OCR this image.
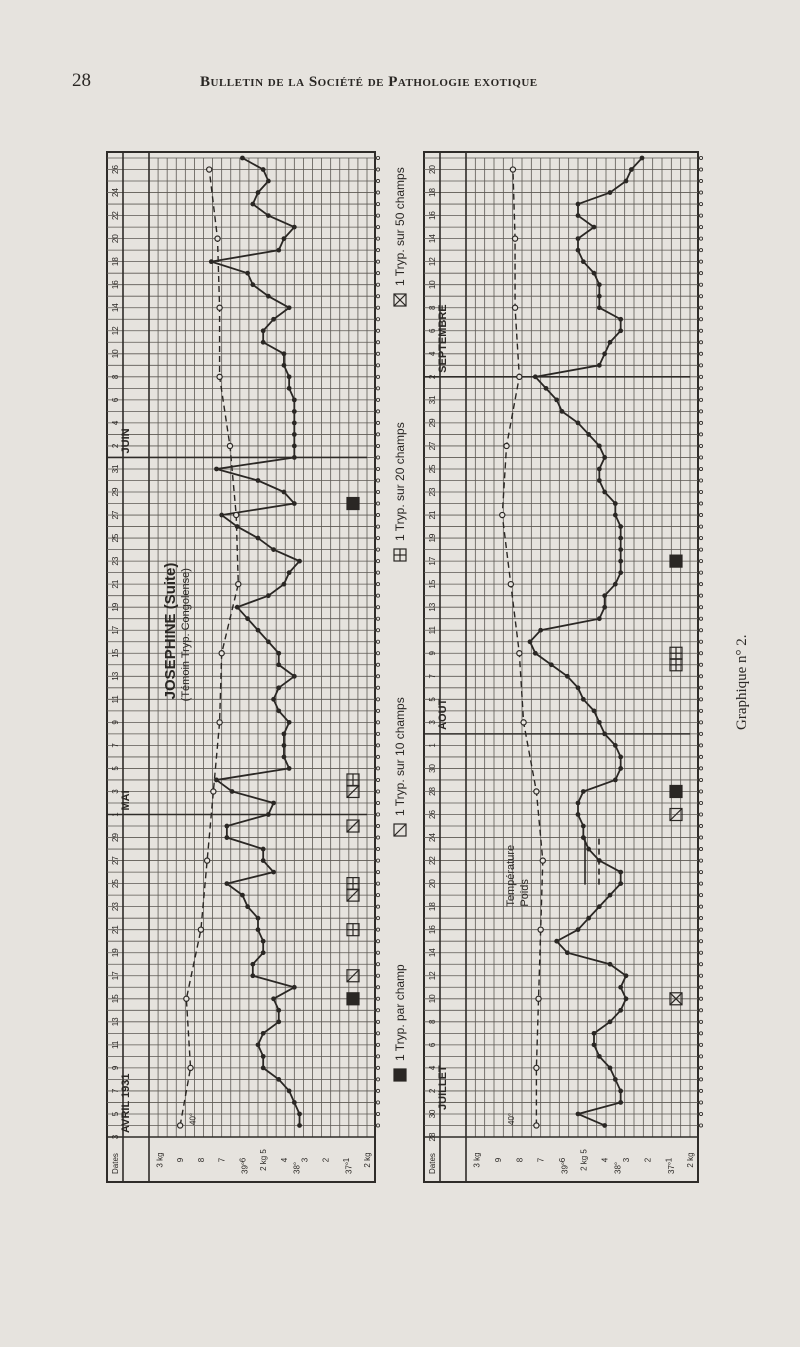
28	Bulletin de la Société de Pathologie exotique
Graphique n° 2.
AVRIL 1931
MAI
JUIN
3
5
7
9
11
13
15
17
19
21
23
25
27
29
1
3
5
7
9
11
13
15
17
19
21
23
25
27
29
31
2
4
6
8
10
12
14
16
18
20
22
24
26
Dates
40°
39°	38°	37°
3 kg 9 8 7 6 2 kg 5 4 3 2 1 2 kg
JOSEPHINE (Suite) (Témoin Tryp. Congolense)
JUILLET
AOUT
SEPTEMBRE
28
30
2
4
6
8
10
12
14
16
18
20
22
24
26
28
30
1
3
5
7
9
11
13
15
17
19
21
23
25
27
29
31
2
4
6
8
10
12
14
16
18
20
Dates
40°
39°	38°	37°
3 kg 9 8 7 6 2 kg 5 4 3 2 1 2 kg
Température Poids
1 Tryp. par champ
1 Tryp. sur 10 champs
1 Tryp. sur 20 champs
1 Tryp. sur 50 champs
